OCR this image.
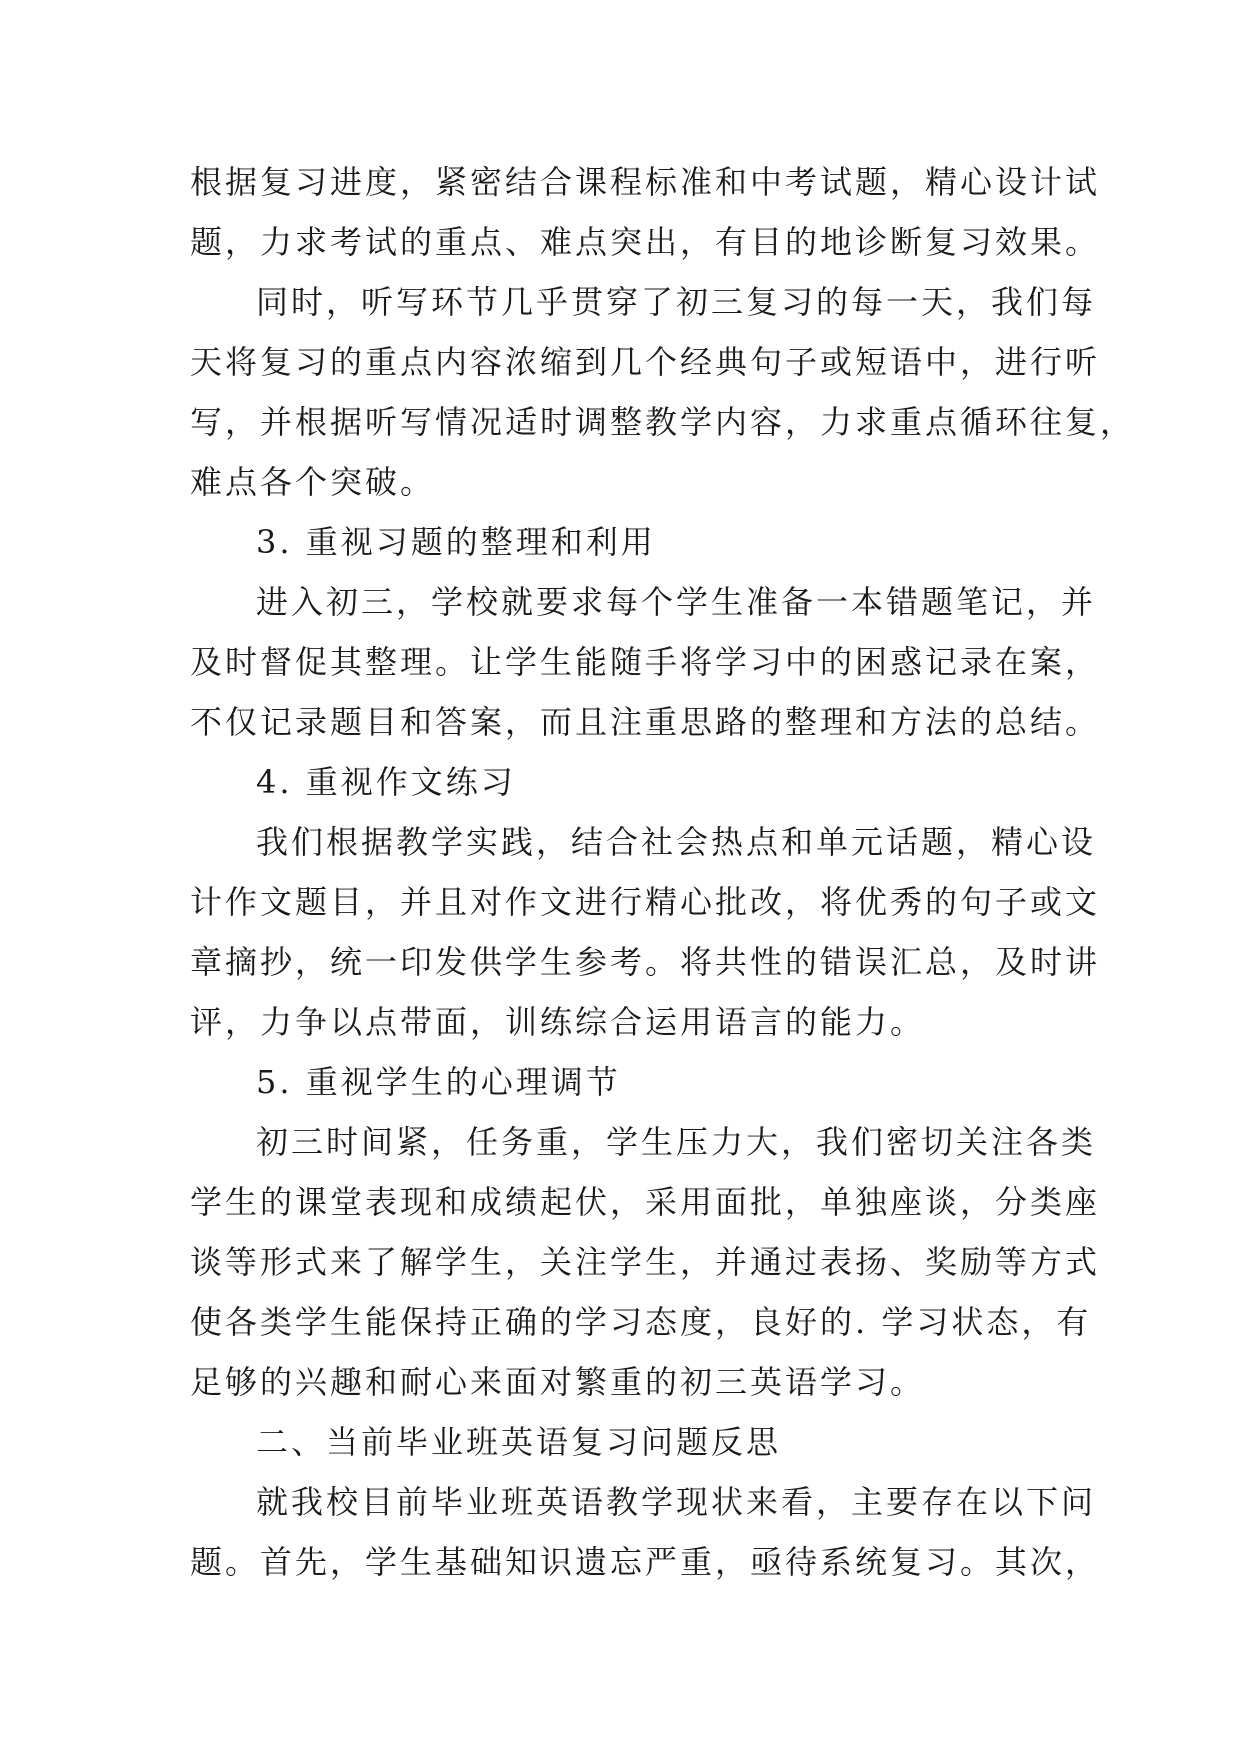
根据复习进度，紧密结合课程标准和中考试题，精心设计试
题，力求考试的重点、难点突出，有目的地诊断复习效果。
同时，听写环节几乎贯穿了初三复习的每一天，我们每
天将复习的重点内容浓缩到几个经典句子或短语中，进行听
写，并根据听写情况适时调整教学内容，力求重点循环往复，
难点各个突破。
3. 重视习题的整理和利用
进入初三，学校就要求每个学生准备一本错题笔记，并
及时督促其整理。让学生能随手将学习中的困惑记录在案，
不仅记录题目和答案，而且注重思路的整理和方法的总结。
4. 重视作文练习
我们根据教学实践，结合社会热点和单元话题，精心设
计作文题目，并且对作文进行精心批改，将优秀的句子或文
章摘抄，统一印发供学生参考。将共性的错误汇总，及时讲
评，力争以点带面，训练综合运用语言的能力。
5. 重视学生的心理调节
初三时间紧，任务重，学生压力大，我们密切关注各类
学生的课堂表现和成绩起伏，采用面批，单独座谈，分类座
谈等形式来了解学生，关注学生，并通过表扬、奖励等方式
使各类学生能保持正确的学习态度，良好的. 学习状态，有
足够的兴趣和耐心来面对繁重的初三英语学习。
二、当前毕业班英语复习问题反思
就我校目前毕业班英语教学现状来看，主要存在以下问
题。首先，学生基础知识遗忘严重，亟待系统复习。其次，
